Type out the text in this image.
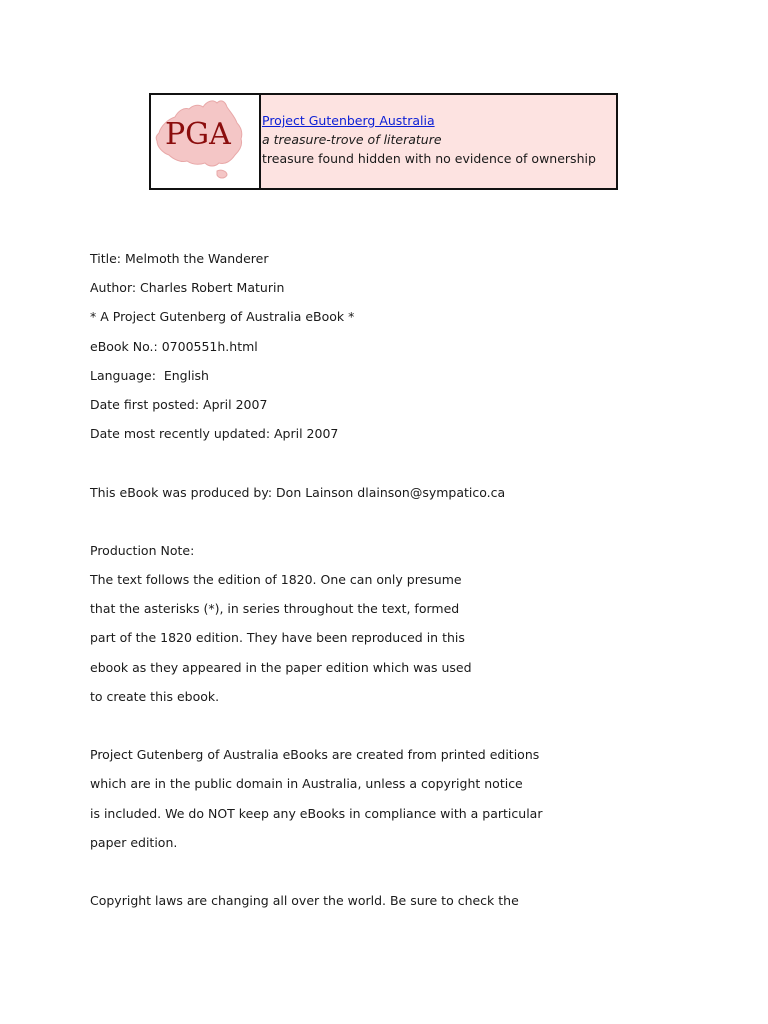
PGA Project Gutenberg Australia
a treasure-trove of literature
treasure found hidden with no evidence of ownership
Title: Melmoth the Wanderer
Author: Charles Robert Maturin
* A Project Gutenberg of Australia eBook *
eBook No.: 0700551h.html
Language:  English
Date first posted: April 2007
Date most recently updated: April 2007
This eBook was produced by: Don Lainson dlainson@sympatico.ca
Production Note:
The text follows the edition of 1820. One can only presume
that the asterisks (*), in series throughout the text, formed
part of the 1820 edition. They have been reproduced in this
ebook as they appeared in the paper edition which was used
to create this ebook.
Project Gutenberg of Australia eBooks are created from printed editions
which are in the public domain in Australia, unless a copyright notice
is included. We do NOT keep any eBooks in compliance with a particular
paper edition.
Copyright laws are changing all over the world. Be sure to check the
